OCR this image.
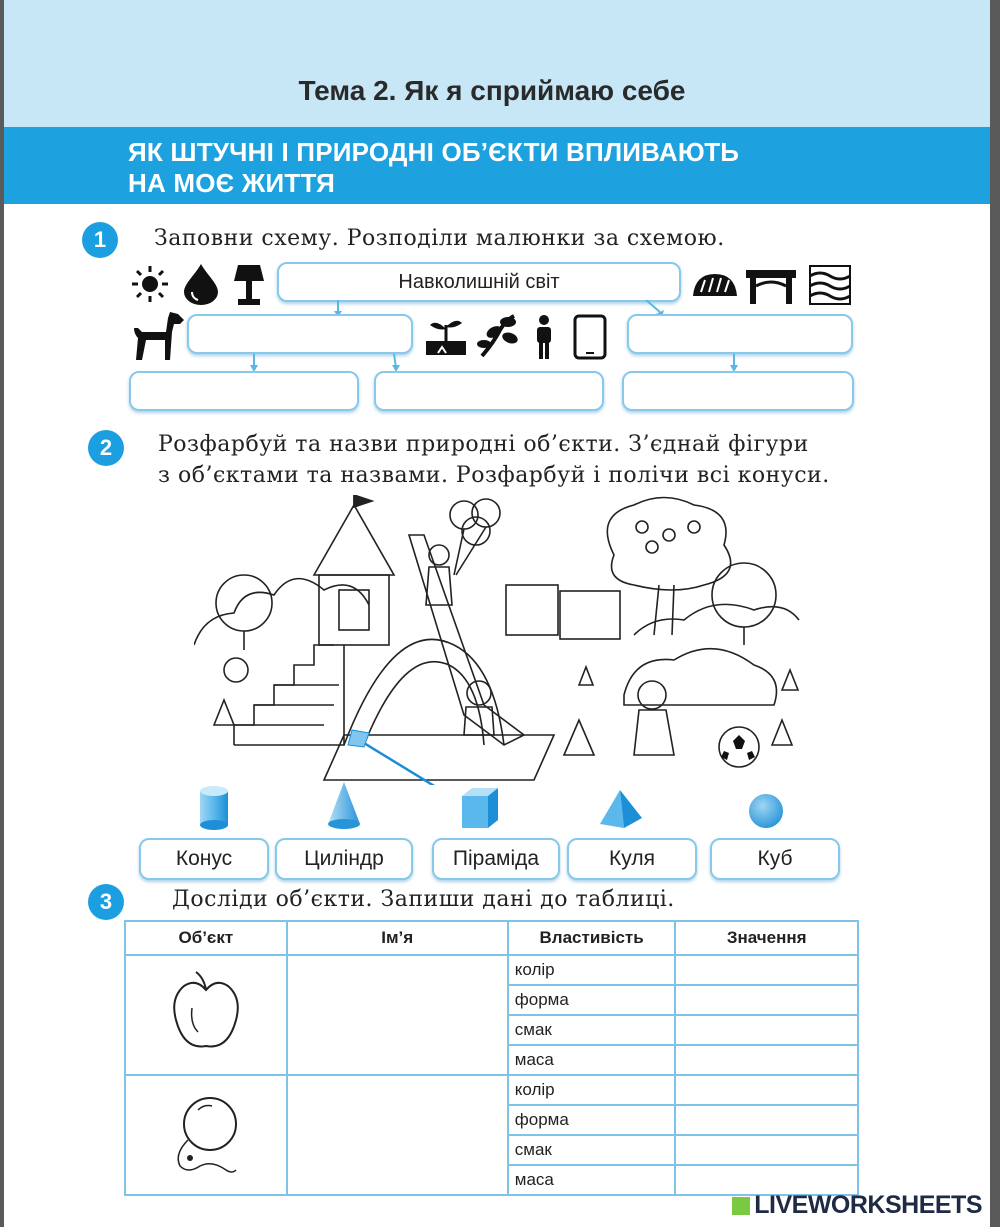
Тема 2. Як я сприймаю себе
ЯК ШТУЧНІ І ПРИРОДНІ ОБ’ЄКТИ ВПЛИВАЮТЬ
НА МОЄ ЖИТТЯ
1	Заповни схему. Розподіли малюнки за схемою.
Навколишній світ
2	Розфарбуй та назви природні об’єкти. З’єднай фігури
з об’єктами та назвами. Розфарбуй і полічи всі конуси.
Конус	Циліндр	Піраміда	Куля	Куб
3	Досліди об’єкти. Запиши дані до таблиці.
Об’єкт	Ім’я	Властивість	Значення
		колір	
		форма	
		смак	
		маса	
		колір	
		форма	
		смак	
		маса	
LIVEWORKSHEETS
